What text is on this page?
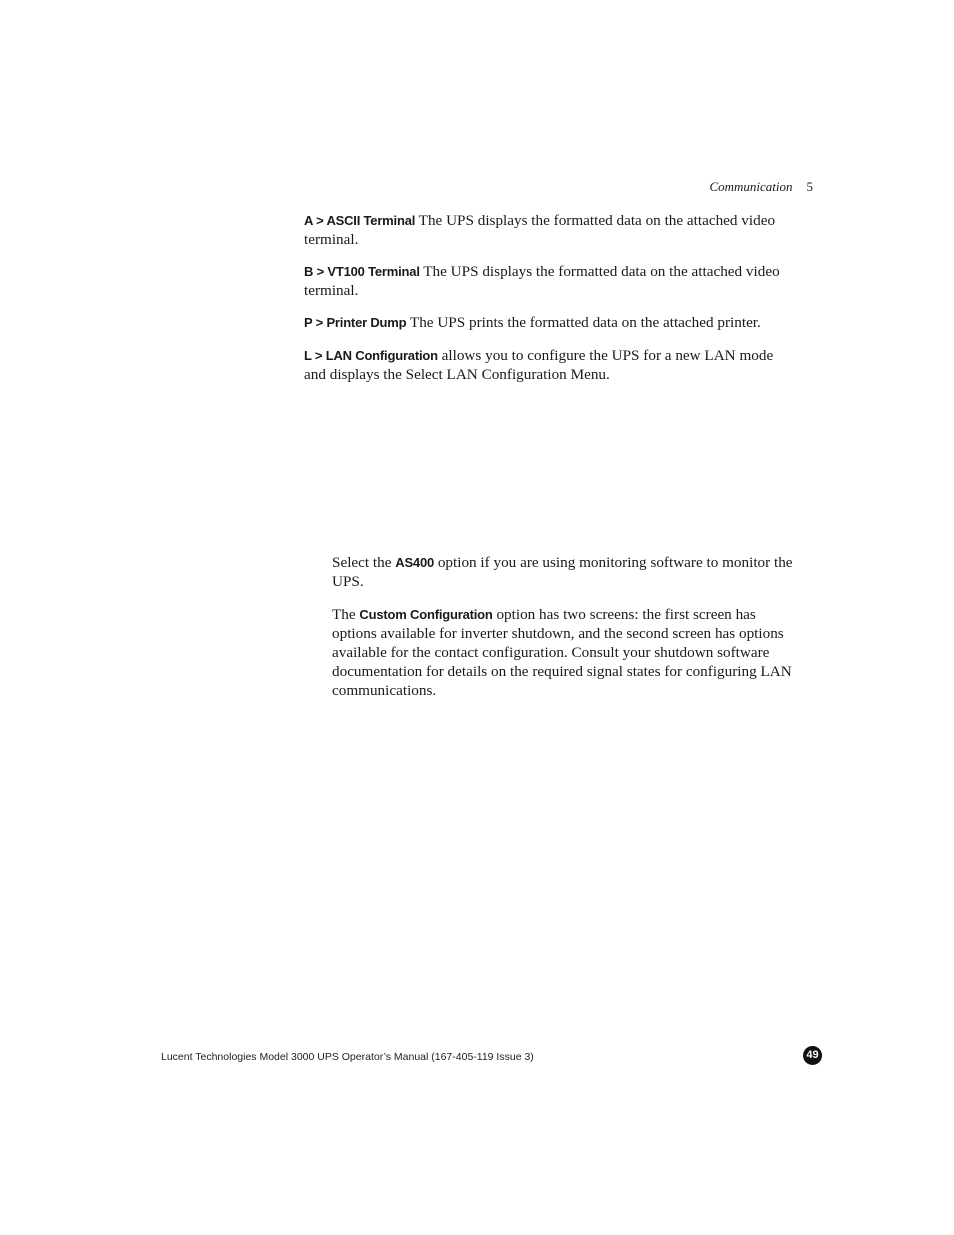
Communication 5

A > ASCII Terminal The UPS displays the formatted data on the attached video terminal.

B > VT100 Terminal The UPS displays the formatted data on the attached video terminal.

P > Printer Dump The UPS prints the formatted data on the attached printer.

L > LAN Configuration allows you to configure the UPS for a new LAN mode and displays the Select LAN Configuration Menu.

Select the AS400 option if you are using monitoring software to monitor the UPS.

The Custom Configuration option has two screens: the first screen has options available for inverter shutdown, and the second screen has options available for the contact configuration. Consult your shutdown software documentation for details on the required signal states for configuring LAN communications.

Lucent Technologies Model 3000 UPS Operator’s Manual (167-405-119 Issue 3)	49
